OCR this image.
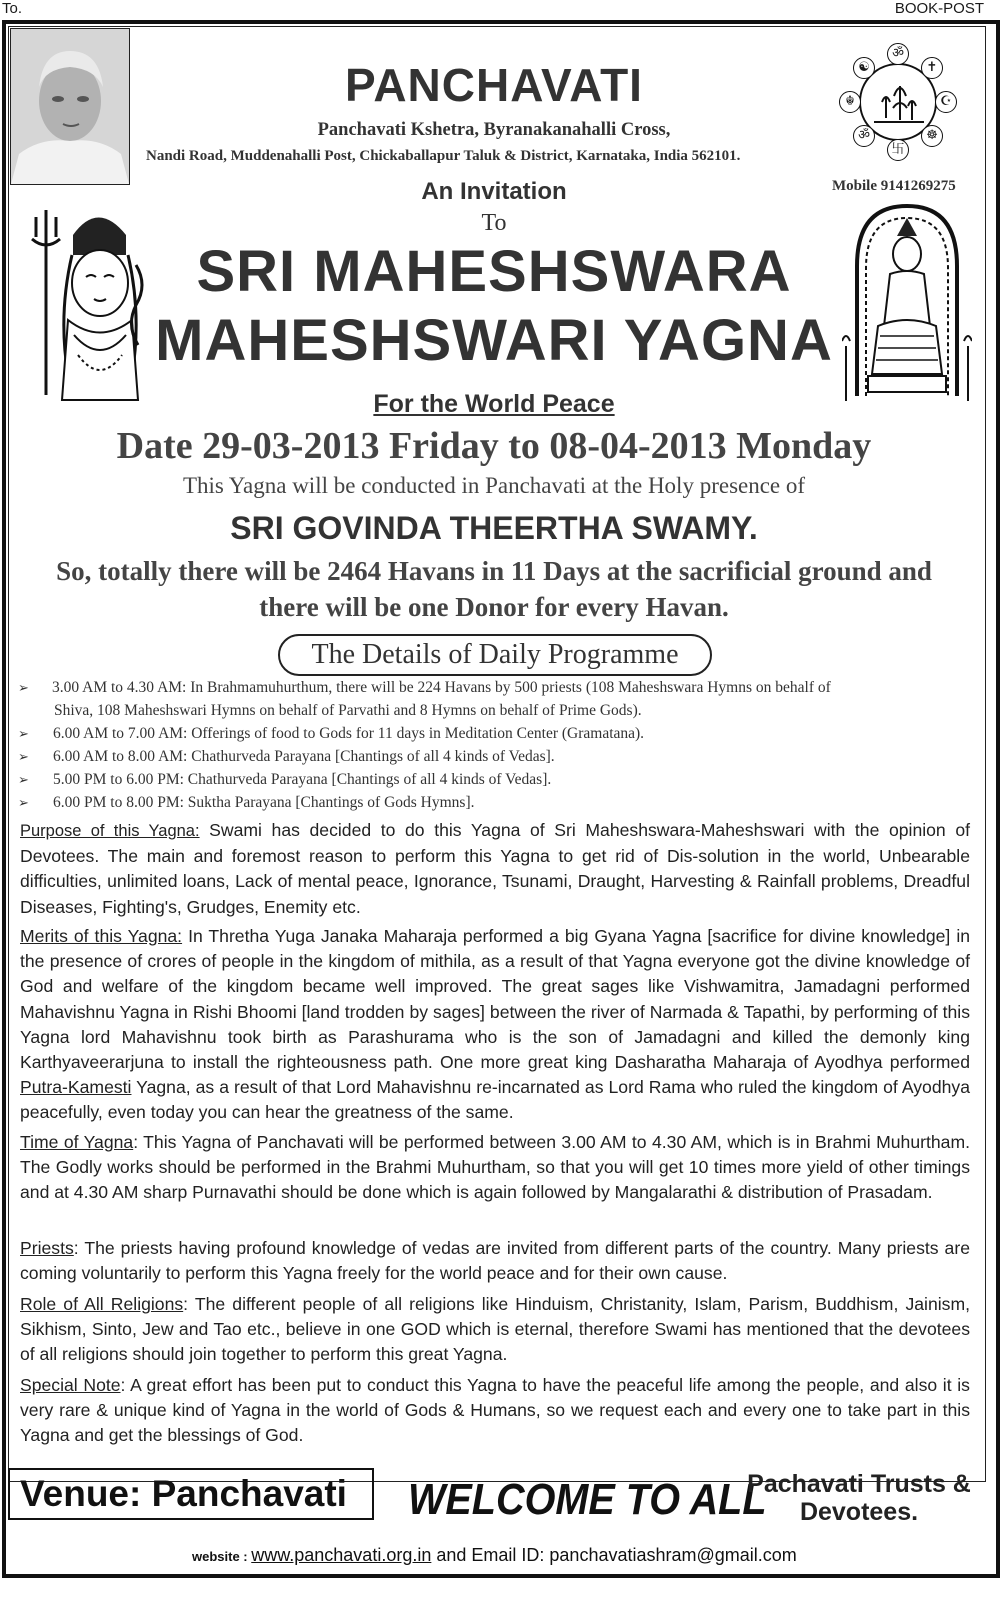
To.	BOOK-POST
ॐ
✝
☪
☸
卐
ॐ
☬
☯
PANCHAVATI
Panchavati Kshetra, Byranakanahalli Cross,
Nandi Road, Muddenahalli Post, Chickaballapur Taluk & District, Karnataka, India 562101.
Mobile 9141269275
An Invitation
To
SRI MAHESHSWARA
MAHESHSWARI YAGNA
For the World Peace
Date 29-03-2013 Friday to 08-04-2013 Monday
This Yagna will be conducted in Panchavati at the Holy presence of
SRI GOVINDA THEERTHA SWAMY.
So, totally there will be 2464 Havans in 11 Days at the sacrificial ground and
there will be one Donor for every Havan.
The Details of Daily Programme
➢ 3.00 AM to 4.30 AM: In Brahmamuhurthum, there will be 224 Havans by 500 priests (108 Maheshswara Hymns on behalf of
Shiva, 108 Maheshswari Hymns on behalf of Parvathi and 8 Hymns on behalf of Prime Gods).
➢ 6.00 AM to 7.00 AM: Offerings of food to Gods for 11 days in Meditation Center (Gramatana).
➢ 6.00 AM to 8.00 AM: Chathurveda Parayana [Chantings of all 4 kinds of Vedas].
➢ 5.00 PM to 6.00 PM: Chathurveda Parayana [Chantings of all 4 kinds of Vedas].
➢ 6.00 PM to 8.00 PM: Suktha Parayana [Chantings of Gods Hymns].
Purpose of this Yagna: Swami has decided to do this Yagna of Sri Maheshswara-Maheshswari with the opinion of Devotees. The main and foremost reason to perform this Yagna to get rid of Dis-solution in the world, Unbearable difficulties, unlimited loans, Lack of mental peace, Ignorance, Tsunami, Draught, Harvesting & Rainfall problems, Dreadful Diseases, Fighting's, Grudges, Enemity etc.
Merits of this Yagna: In Thretha Yuga Janaka Maharaja performed a big Gyana Yagna [sacrifice for divine knowledge] in the presence of crores of people in the kingdom of mithila, as a result of that Yagna everyone got the divine knowledge of God and welfare of the kingdom became well improved. The great sages like Vishwamitra, Jamadagni performed Mahavishnu Yagna in Rishi Bhoomi [land trodden by sages] between the river of Narmada & Tapathi, by performing of this Yagna lord Mahavishnu took birth as Parashurama who is the son of Jamadagni and killed the demonly king Karthyaveerarjuna to install the righteousness path. One more great king Dasharatha Maharaja of Ayodhya performed Putra-Kamesti Yagna, as a result of that Lord Mahavishnu re-incarnated as Lord Rama who ruled the kingdom of Ayodhya peacefully, even today you can hear the greatness of the same.
Time of Yagna: This Yagna of Panchavati will be performed between 3.00 AM to 4.30 AM, which is in Brahmi Muhurtham. The Godly works should be performed in the Brahmi Muhurtham, so that you will get 10 times more yield of other timings and at 4.30 AM sharp Purnavathi should be done which is again followed by Mangalarathi & distribution of Prasadam.
Priests: The priests having profound knowledge of vedas are invited from different parts of the country. Many priests are coming voluntarily to perform this Yagna freely for the world peace and for their own cause.
Role of All Religions: The different people of all religions like Hinduism, Christanity, Islam, Parism, Buddhism, Jainism, Sikhism, Sinto, Jew and Tao etc., believe in one GOD which is eternal, therefore Swami has mentioned that the devotees of all religions should join together to perform this great Yagna.
Special Note: A great effort has been put to conduct this Yagna to have the peaceful life among the people, and also it is very rare & unique kind of Yagna in the world of Gods & Humans, so we request each and every one to take part in this Yagna and get the blessings of God.
Venue: Panchavati WELCOME TO ALL
Pachavati Trusts &
Devotees.
website : www.panchavati.org.in and Email ID: panchavatiashram@gmail.com
